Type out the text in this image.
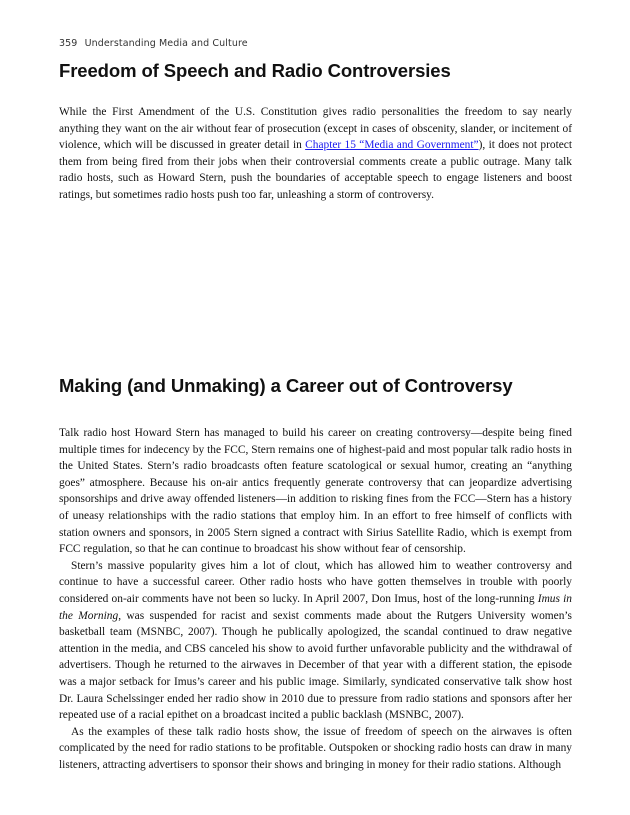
359 Understanding Media and Culture
Freedom of Speech and Radio Controversies

While the First Amendment of the U.S. Constitution gives radio personalities the freedom to say nearly anything they want on the air without fear of prosecution (except in cases of obscenity, slander, or incitement of violence, which will be discussed in greater detail in Chapter 15 “Media and Government”), it does not protect them from being fired from their jobs when their controversial comments create a public outrage. Many talk radio hosts, such as Howard Stern, push the boundaries of acceptable speech to engage listeners and boost ratings, but sometimes radio hosts push too far, unleashing a storm of controversy.

Making (and Unmaking) a Career out of Controversy

Talk radio host Howard Stern has managed to build his career on creating controversy—despite being fined multiple times for indecency by the FCC, Stern remains one of highest-paid and most popular talk radio hosts in the United States. Stern’s radio broadcasts often feature scatological or sexual humor, creating an “anything goes” atmosphere. Because his on-air antics frequently generate controversy that can jeopardize advertising sponsorships and drive away offended listeners—in addition to risking fines from the FCC—Stern has a history of uneasy relationships with the radio stations that employ him. In an effort to free himself of conflicts with station owners and sponsors, in 2005 Stern signed a contract with Sirius Satellite Radio, which is exempt from FCC regulation, so that he can continue to broadcast his show without fear of censorship.

Stern’s massive popularity gives him a lot of clout, which has allowed him to weather controversy and continue to have a successful career. Other radio hosts who have gotten themselves in trouble with poorly considered on-air comments have not been so lucky. In April 2007, Don Imus, host of the long-running Imus in the Morning, was suspended for racist and sexist comments made about the Rutgers University women’s basketball team (MSNBC, 2007). Though he publically apologized, the scandal continued to draw negative attention in the media, and CBS canceled his show to avoid further unfavorable publicity and the withdrawal of advertisers. Though he returned to the airwaves in December of that year with a different station, the episode was a major setback for Imus’s career and his public image. Similarly, syndicated conservative talk show host Dr. Laura Schelssinger ended her radio show in 2010 due to pressure from radio stations and sponsors after her repeated use of a racial epithet on a broadcast incited a public backlash (MSNBC, 2007).

As the examples of these talk radio hosts show, the issue of freedom of speech on the airwaves is often complicated by the need for radio stations to be profitable. Outspoken or shocking radio hosts can draw in many listeners, attracting advertisers to sponsor their shows and bringing in money for their radio stations. Although
